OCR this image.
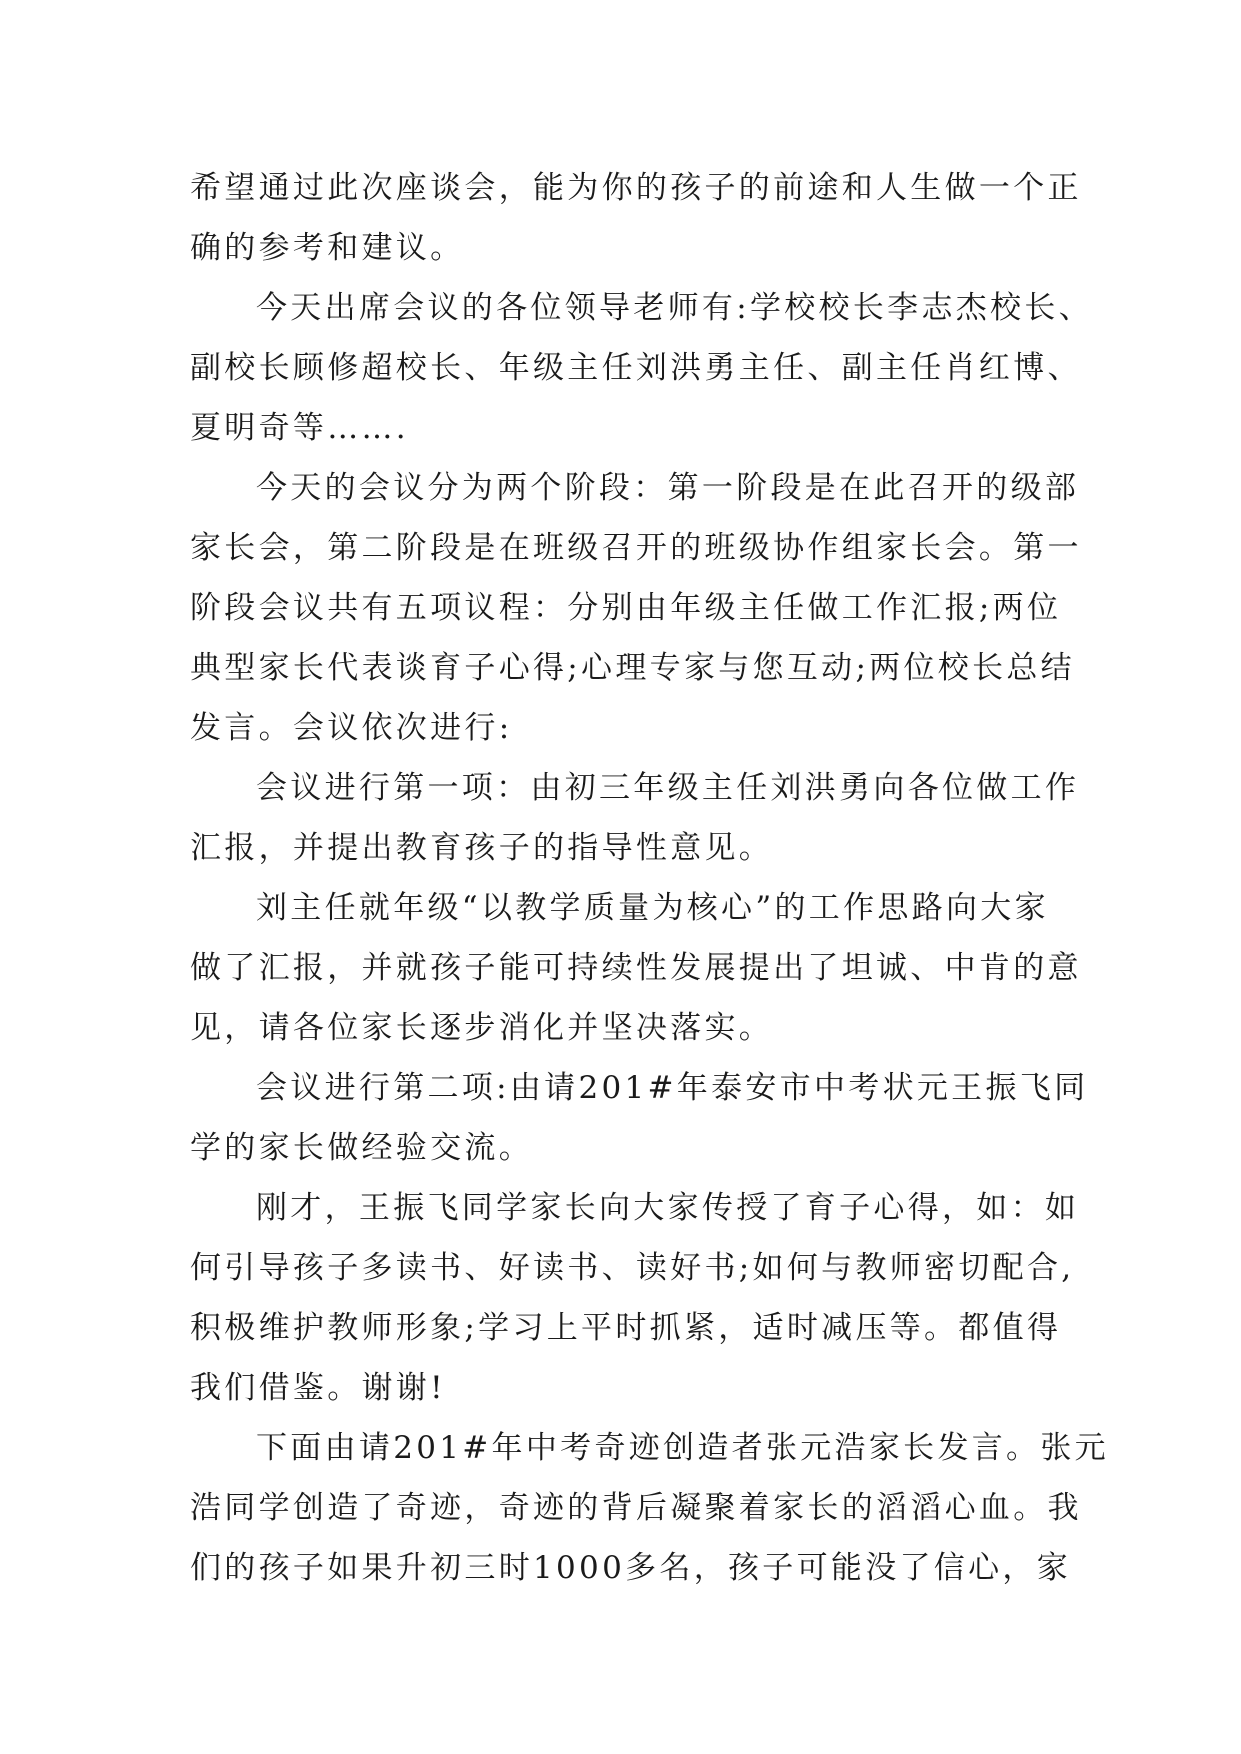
希望通过此次座谈会，能为你的孩子的前途和人生做一个正
确的参考和建议。
今天出席会议的各位领导老师有:学校校长李志杰校长、
副校长顾修超校长、年级主任刘洪勇主任、副主任肖红博、
夏明奇等…….
今天的会议分为两个阶段：第一阶段是在此召开的级部
家长会，第二阶段是在班级召开的班级协作组家长会。第一
阶段会议共有五项议程：分别由年级主任做工作汇报;两位
典型家长代表谈育子心得;心理专家与您互动;两位校长总结
发言。会议依次进行:
会议进行第一项：由初三年级主任刘洪勇向各位做工作
汇报，并提出教育孩子的指导性意见。
刘主任就年级“以教学质量为核心”的工作思路向大家
做了汇报，并就孩子能可持续性发展提出了坦诚、中肯的意
见，请各位家长逐步消化并坚决落实。
会议进行第二项:由请201#年泰安市中考状元王振飞同
学的家长做经验交流。
刚才，王振飞同学家长向大家传授了育子心得，如：如
何引导孩子多读书、好读书、读好书;如何与教师密切配合,
积极维护教师形象;学习上平时抓紧，适时减压等。都值得
我们借鉴。谢谢!
下面由请201#年中考奇迹创造者张元浩家长发言。张元
浩同学创造了奇迹，奇迹的背后凝聚着家长的滔滔心血。我
们的孩子如果升初三时1000多名，孩子可能没了信心，家
